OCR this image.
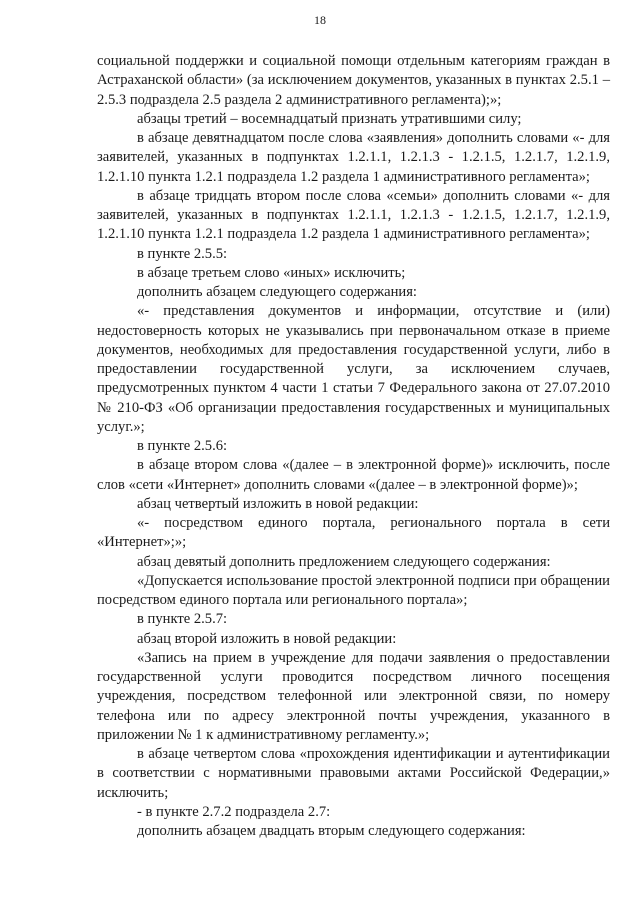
18

социальной поддержки и социальной помощи отдельным категориям граждан в Астраханской области» (за исключением документов, указанных в пунктах 2.5.1 – 2.5.3 подраздела 2.5 раздела 2 административного регламента);»;

абзацы третий – восемнадцатый признать утратившими силу;

в абзаце девятнадцатом после слова «заявления» дополнить словами «- для заявителей, указанных в подпунктах 1.2.1.1, 1.2.1.3 - 1.2.1.5, 1.2.1.7, 1.2.1.9, 1.2.1.10 пункта 1.2.1 подраздела 1.2 раздела 1 административного регламента»;

в абзаце тридцать втором после слова «семьи» дополнить словами «- для заявителей, указанных в подпунктах 1.2.1.1, 1.2.1.3 - 1.2.1.5, 1.2.1.7, 1.2.1.9, 1.2.1.10 пункта 1.2.1 подраздела 1.2 раздела 1 административного регламента»;

в пункте 2.5.5:

в абзаце третьем слово «иных» исключить;

дополнить абзацем следующего содержания:

«- представления документов и информации, отсутствие и (или) недостоверность которых не указывались при первоначальном отказе в приеме документов, необходимых для предоставления государственной услуги, либо в предоставлении государственной услуги, за исключением случаев, предусмотренных пунктом 4 части 1 статьи 7 Федерального закона от 27.07.2010 № 210-ФЗ «Об организации предоставления государственных и муниципальных услуг.»;

в пункте 2.5.6:

в абзаце втором слова «(далее – в электронной форме)» исключить, после слов «сети «Интернет» дополнить словами «(далее – в электронной форме)»;

абзац четвертый изложить в новой редакции:

«- посредством единого портала, регионального портала в сети «Интернет»;»;

абзац девятый дополнить предложением следующего содержания:

«Допускается использование простой электронной подписи при обращении посредством единого портала или регионального портала»;

в пункте 2.5.7:

абзац второй изложить в новой редакции:

«Запись на прием в учреждение для подачи заявления о предоставлении государственной услуги проводится посредством личного посещения учреждения, посредством телефонной или электронной связи, по номеру телефона или по адресу электронной почты учреждения, указанного в приложении № 1 к административному регламенту.»;

в абзаце четвертом слова «прохождения идентификации и аутентификации в соответствии с нормативными правовыми актами Российской Федерации,» исключить;

- в пункте 2.7.2 подраздела 2.7:

дополнить абзацем двадцать вторым следующего содержания:
